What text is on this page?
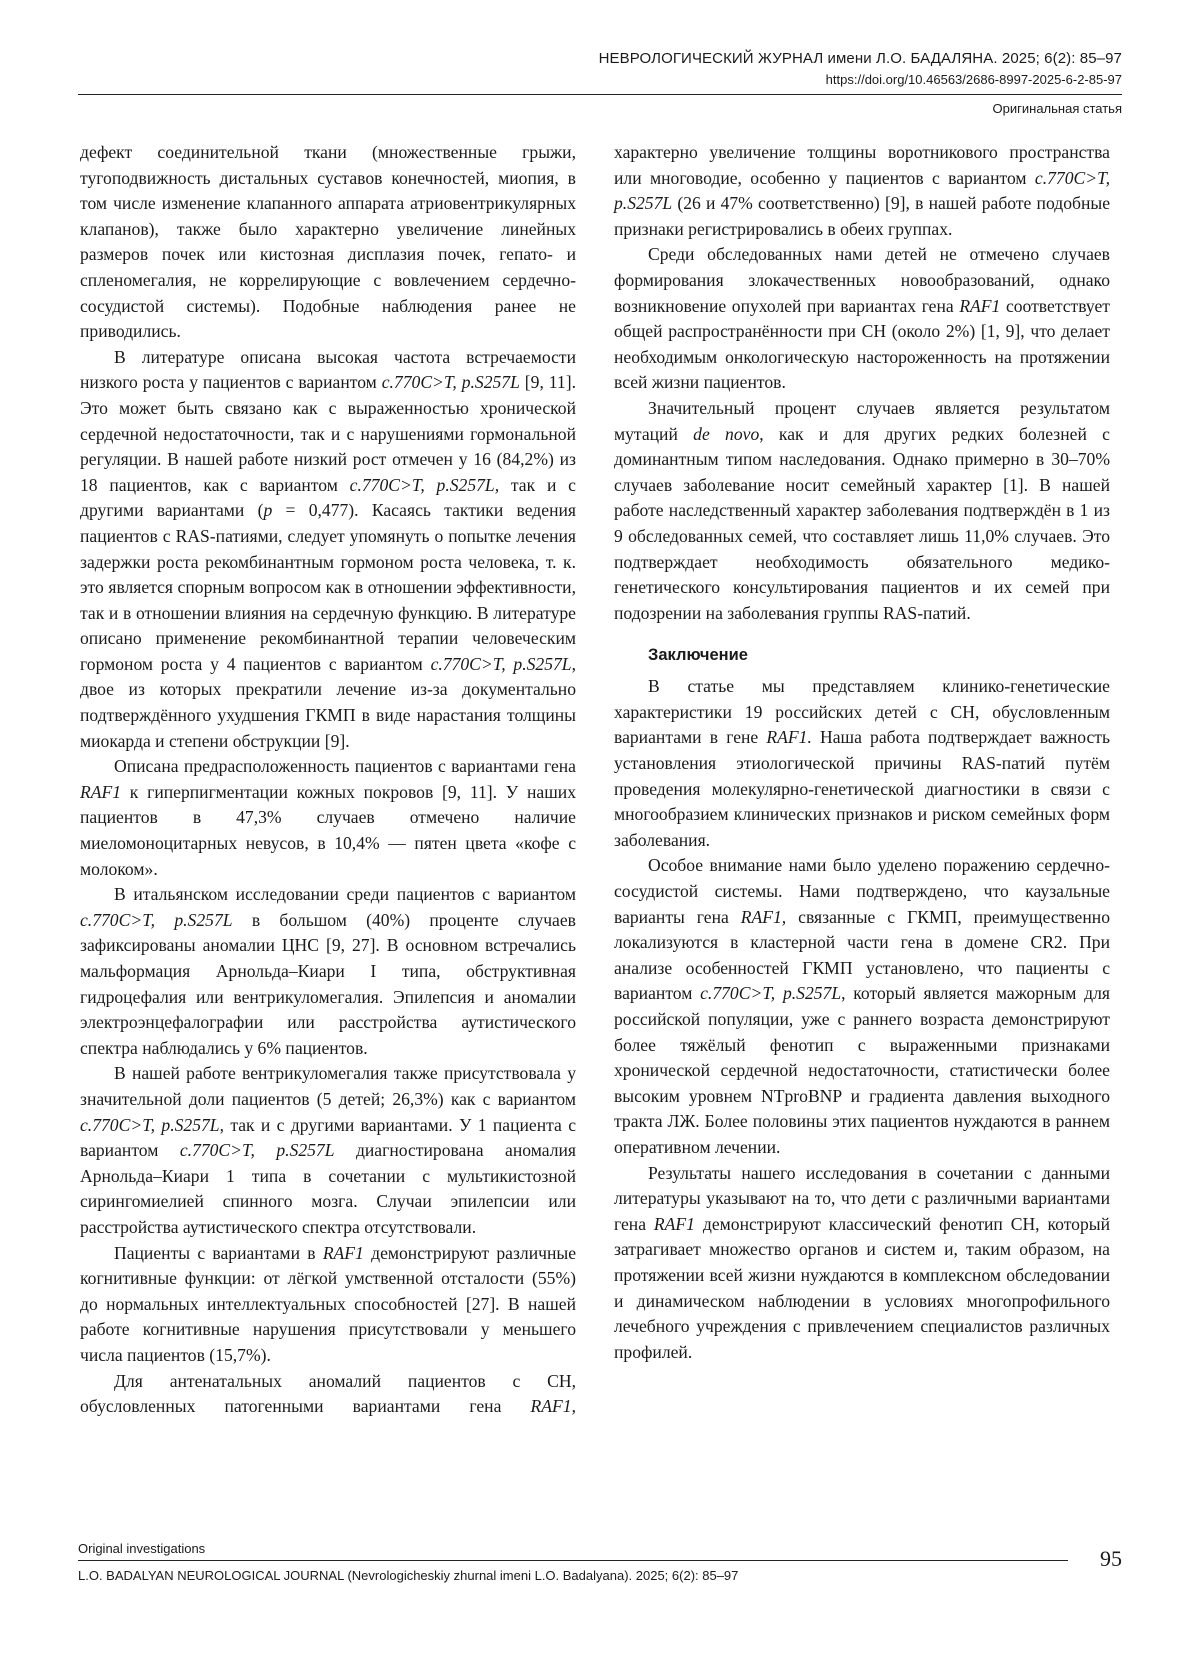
НЕВРОЛОГИЧЕСКИЙ ЖУРНАЛ имени Л.О. БАДАЛЯНА. 2025; 6(2): 85–97
https://doi.org/10.46563/2686-8997-2025-6-2-85-97
Оригинальная статья

дефект соединительной ткани (множественные грыжи, тугоподвижность дистальных суставов конечностей, миопия, в том числе изменение клапанного аппарата атриовентрикулярных клапанов), также было характерно увеличение линейных размеров почек или кистозная дисплазия почек, гепато- и спленомегалия, не коррелирующие с вовлечением сердечно-сосудистой системы). Подобные наблюдения ранее не приводились.

В литературе описана высокая частота встречаемости низкого роста у пациентов с вариантом c.770C>T, p.S257L [9, 11]. Это может быть связано как с выраженностью хронической сердечной недостаточности, так и с нарушениями гормональной регуляции. В нашей работе низкий рост отмечен у 16 (84,2%) из 18 пациентов, как с вариантом c.770C>T, p.S257L, так и с другими вариантами (p = 0,477). Касаясь тактики ведения пациентов с RAS-патиями, следует упомянуть о попытке лечения задержки роста рекомбинантным гормоном роста человека, т. к. это является спорным вопросом как в отношении эффективности, так и в отношении влияния на сердечную функцию. В литературе описано применение рекомбинантной терапии человеческим гормоном роста у 4 пациентов с вариантом c.770C>T, p.S257L, двое из которых прекратили лечение из-за документально подтверждённого ухудшения ГКМП в виде нарастания толщины миокарда и степени обструкции [9].

Описана предрасположенность пациентов с вариантами гена RAF1 к гиперпигментации кожных покровов [9, 11]. У наших пациентов в 47,3% случаев отмечено наличие миеломоноцитарных невусов, в 10,4% — пятен цвета «кофе с молоком».

В итальянском исследовании среди пациентов с вариантом c.770C>T, p.S257L в большом (40%) проценте случаев зафиксированы аномалии ЦНС [9, 27]. В основном встречались мальформация Арнольда–Киари I типа, обструктивная гидроцефалия или вентрикуломегалия. Эпилепсия и аномалии электроэнцефалографии или расстройства аутистического спектра наблюдались у 6% пациентов.

В нашей работе вентрикуломегалия также присутствовала у значительной доли пациентов (5 детей; 26,3%) как с вариантом c.770C>T, p.S257L, так и с другими вариантами. У 1 пациента с вариантом c.770C>T, p.S257L диагностирована аномалия Арнольда–Киари 1 типа в сочетании с мультикистозной сирингомиелией спинного мозга. Случаи эпилепсии или расстройства аутистического спектра отсутствовали.

Пациенты с вариантами в RAF1 демонстрируют различные когнитивные функции: от лёгкой умственной отсталости (55%) до нормальных интеллектуальных способностей [27]. В нашей работе когнитивные нарушения присутствовали у меньшего числа пациентов (15,7%).

Для антенатальных аномалий пациентов с СН, обусловленных патогенными вариантами гена RAF1,

характерно увеличение толщины воротникового пространства или многоводие, особенно у пациентов с вариантом c.770C>T, p.S257L (26 и 47% соответственно) [9], в нашей работе подобные признаки регистрировались в обеих группах.

Среди обследованных нами детей не отмечено случаев формирования злокачественных новообразований, однако возникновение опухолей при вариантах гена RAF1 соответствует общей распространённости при СН (около 2%) [1, 9], что делает необходимым онкологическую настороженность на протяжении всей жизни пациентов.

Значительный процент случаев является результатом мутаций de novo, как и для других редких болезней с доминантным типом наследования. Однако примерно в 30–70% случаев заболевание носит семейный характер [1]. В нашей работе наследственный характер заболевания подтверждён в 1 из 9 обследованных семей, что составляет лишь 11,0% случаев. Это подтверждает необходимость обязательного медико-генетического консультирования пациентов и их семей при подозрении на заболевания группы RAS-патий.

Заключение

В статье мы представляем клинико-генетические характеристики 19 российских детей с СН, обусловленным вариантами в гене RAF1. Наша работа подтверждает важность установления этиологической причины RAS-патий путём проведения молекулярно-генетической диагностики в связи с многообразием клинических признаков и риском семейных форм заболевания.

Особое внимание нами было уделено поражению сердечно-сосудистой системы. Нами подтверждено, что каузальные варианты гена RAF1, связанные с ГКМП, преимущественно локализуются в кластерной части гена в домене CR2. При анализе особенностей ГКМП установлено, что пациенты с вариантом c.770C>T, p.S257L, который является мажорным для российской популяции, уже с раннего возраста демонстрируют более тяжёлый фенотип с выраженными признаками хронической сердечной недостаточности, статистически более высоким уровнем NTproBNP и градиента давления выходного тракта ЛЖ. Более половины этих пациентов нуждаются в раннем оперативном лечении.

Результаты нашего исследования в сочетании с данными литературы указывают на то, что дети с различными вариантами гена RAF1 демонстрируют классический фенотип СН, который затрагивает множество органов и систем и, таким образом, на протяжении всей жизни нуждаются в комплексном обследовании и динамическом наблюдении в условиях многопрофильного лечебного учреждения с привлечением специалистов различных профилей.

Original investigations
L.O. BADALYAN NEUROLOGICAL JOURNAL (Nevrologicheskiy zhurnal imeni L.O. Badalyana). 2025; 6(2): 85–97
95
